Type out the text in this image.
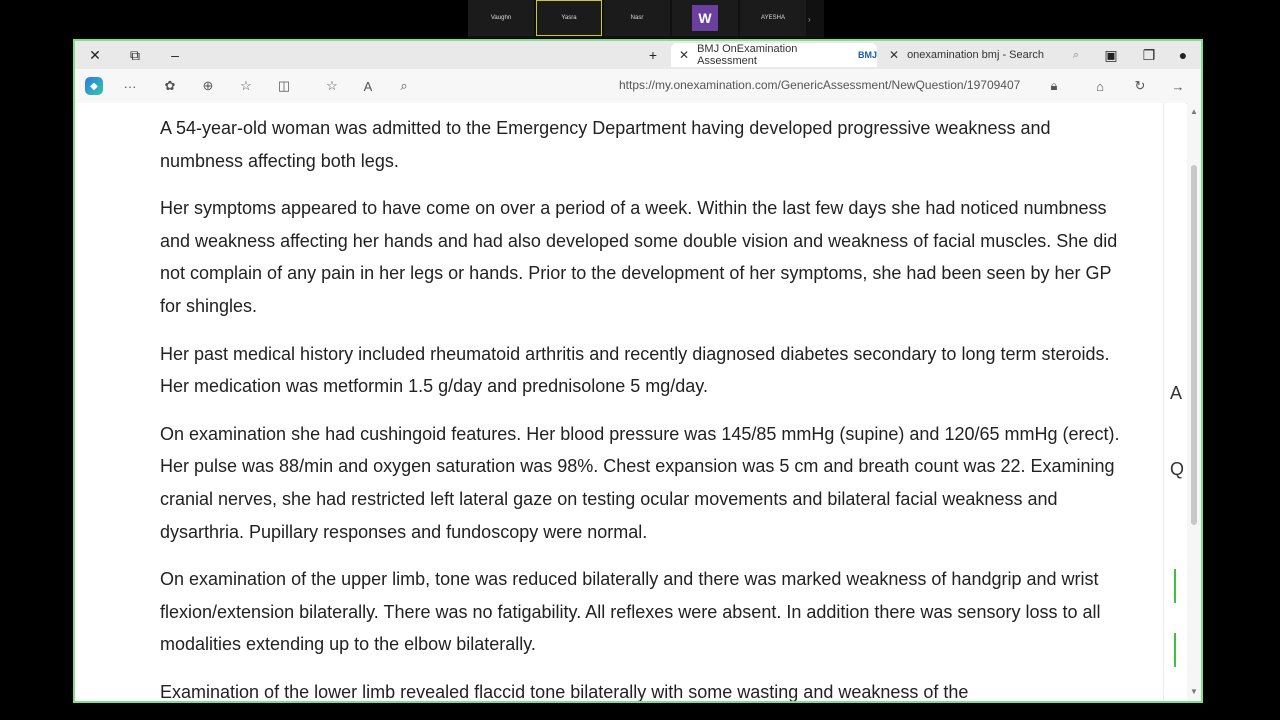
Vaughn	Yasra	Nasr	W	AYESHA	›
✕	⧉	–	+	✕ BMJ OnExamination Assessment	BMJ ✕ onexamination bmj - Search	⌕ ▣ ❐	●
◆	··· ✿ ⊕ ☆ ◫	☆	A	⌕	https://my.onexamination.com/GenericAssessment/NewQuestion/19709407	🔒︎	⌂	↻ →

A 54-year-old woman was admitted to the Emergency Department having developed progressive weakness and numbness affecting both legs.

Her symptoms appeared to have come on over a period of a week. Within the last few days she had noticed numbness and weakness affecting her hands and had also developed some double vision and weakness of facial muscles. She did not complain of any pain in her legs or hands. Prior to the development of her symptoms, she had been seen by her GP for shingles.

Her past medical history included rheumatoid arthritis and recently diagnosed diabetes secondary to long term steroids. Her medication was metformin 1.5 g/day and prednisolone 5 mg/day.

On examination she had cushingoid features. Her blood pressure was 145/85 mmHg (supine) and 120/65 mmHg (erect). Her pulse was 88/min and oxygen saturation was 98%. Chest expansion was 5 cm and breath count was 22. Examining cranial nerves, she had restricted left lateral gaze on testing ocular movements and bilateral facial weakness and dysarthria. Pupillary responses and fundoscopy were normal.

On examination of the upper limb, tone was reduced bilaterally and there was marked weakness of handgrip and wrist flexion/extension bilaterally. There was no fatigability. All reflexes were absent. In addition there was sensory loss to all modalities extending up to the elbow bilaterally.

Examination of the lower limb revealed flaccid tone bilaterally with some wasting and weakness of the

A
Q
▲
▼
